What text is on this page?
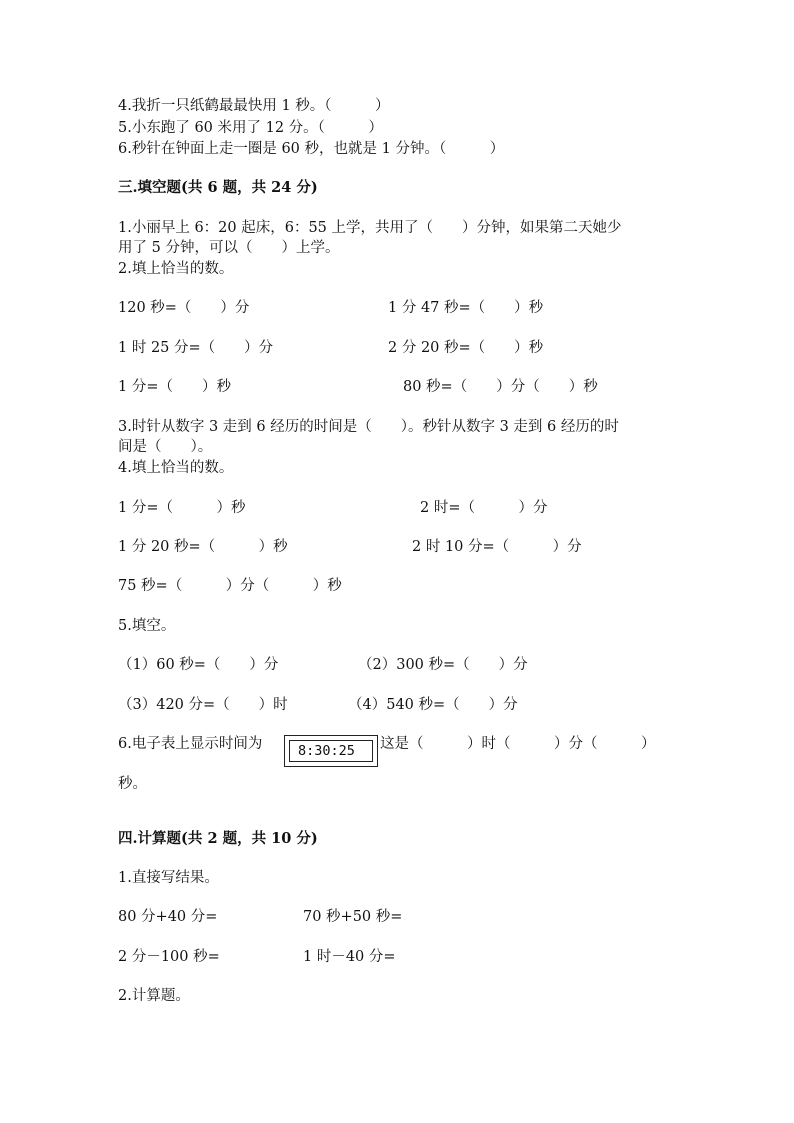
4.我折一只纸鹤最最快用 1 秒。（　　　）
5.小东跑了 60 米用了 12 分。（　　　）
6.秒针在钟面上走一圈是 60 秒，也就是 1 分钟。（　　　）
三.填空题(共 6 题，共 24 分)
1.小丽早上 6：20 起床，6：55 上学，共用了（　　）分钟，如果第二天她少
用了 5 分钟，可以（　　）上学。
2.填上恰当的数。
120 秒=（　　）分	1 分 47 秒=（　　）秒
1 时 25 分=（　　）分	2 分 20 秒=（　　）秒
1 分=（　　）秒	80 秒=（　　）分（　　）秒
3.时针从数字 3 走到 6 经历的时间是（　　）。秒针从数字 3 走到 6 经历的时
间是（　　）。
4.填上恰当的数。
1 分=（　　　）秒	2 时=（　　　）分
1 分 20 秒=（　　　）秒	2 时 10 分=（　　　）分
75 秒=（　　　）分（　　　）秒
5.填空。
（1）60 秒=（　　）分	（2）300 秒=（　　）分
（3）420 分=（　　）时	（4）540 秒=（　　）分
6.电子表上显示时间为	8:30:25	这是（　　　）时（　　　）分（　　　）
秒。
四.计算题(共 2 题，共 10 分)
1.直接写结果。
80 分+40 分=	70 秒+50 秒=
2 分－100 秒=	1 时－40 分=
2.计算题。
